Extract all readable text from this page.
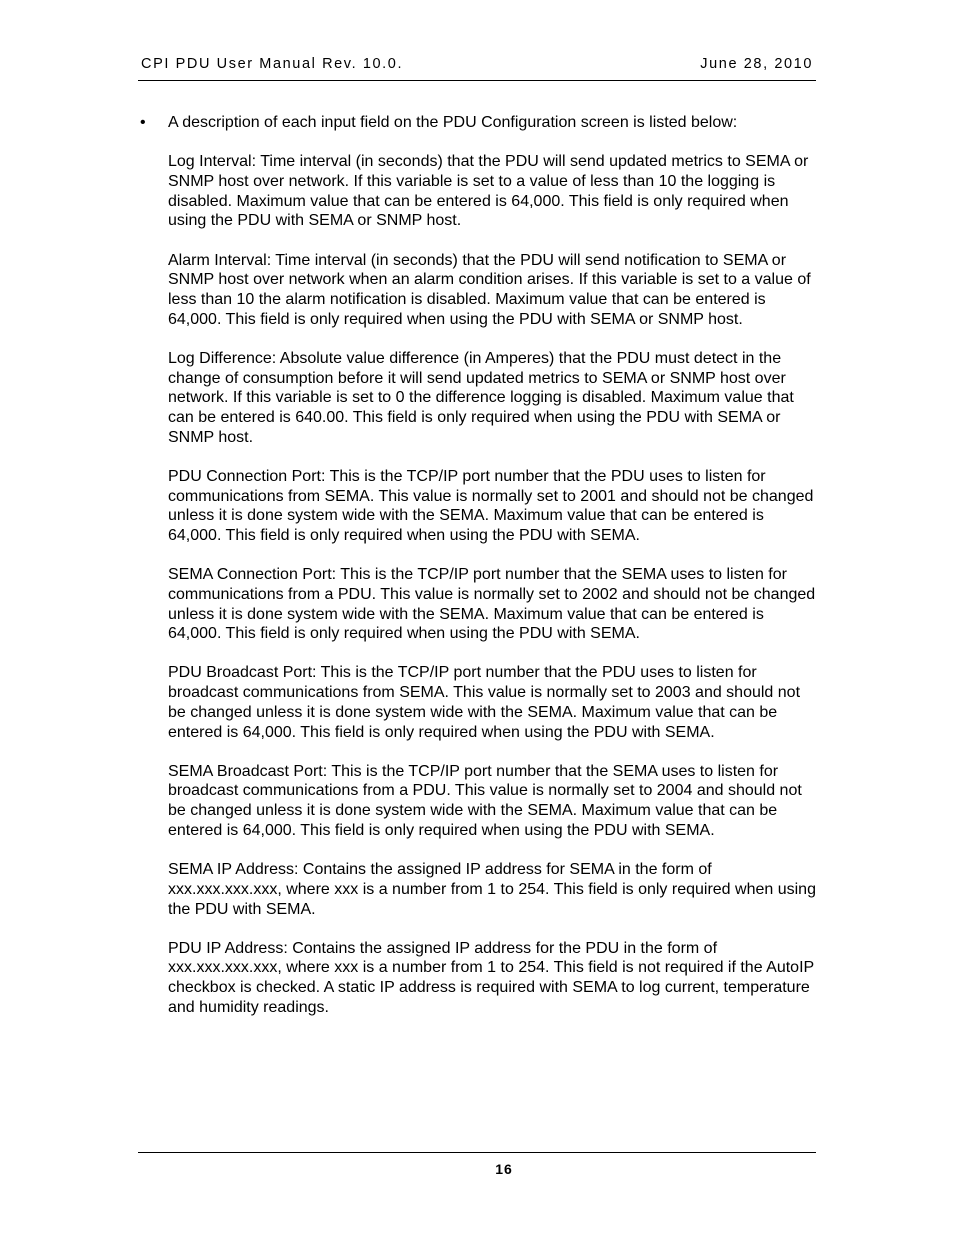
CPI PDU User Manual Rev. 10.0.	June 28, 2010
• A description of each input field on the PDU Configuration screen is listed below:

Log Interval: Time interval (in seconds) that the PDU will send updated metrics to SEMA or SNMP host over network. If this variable is set to a value of less than 10 the logging is disabled. Maximum value that can be entered is 64,000. This field is only required when using the PDU with SEMA or SNMP host.

Alarm Interval: Time interval (in seconds) that the PDU will send notification to SEMA or SNMP host over network when an alarm condition arises. If this variable is set to a value of less than 10 the alarm notification is disabled. Maximum value that can be entered is 64,000. This field is only required when using the PDU with SEMA or SNMP host.

Log Difference: Absolute value difference (in Amperes) that the PDU must detect in the change of consumption before it will send updated metrics to SEMA or SNMP host over network. If this variable is set to 0 the difference logging is disabled. Maximum value that can be entered is 640.00. This field is only required when using the PDU with SEMA or SNMP host.

PDU Connection Port: This is the TCP/IP port number that the PDU uses to listen for communications from SEMA. This value is normally set to 2001 and should not be changed unless it is done system wide with the SEMA. Maximum value that can be entered is 64,000. This field is only required when using the PDU with SEMA.

SEMA Connection Port: This is the TCP/IP port number that the SEMA uses to listen for communications from a PDU. This value is normally set to 2002 and should not be changed unless it is done system wide with the SEMA. Maximum value that can be entered is 64,000. This field is only required when using the PDU with SEMA.

PDU Broadcast Port: This is the TCP/IP port number that the PDU uses to listen for broadcast communications from SEMA. This value is normally set to 2003 and should not be changed unless it is done system wide with the SEMA. Maximum value that can be entered is 64,000. This field is only required when using the PDU with SEMA.

SEMA Broadcast Port: This is the TCP/IP port number that the SEMA uses to listen for broadcast communications from a PDU. This value is normally set to 2004 and should not be changed unless it is done system wide with the SEMA. Maximum value that can be entered is 64,000. This field is only required when using the PDU with SEMA.

SEMA IP Address: Contains the assigned IP address for SEMA in the form of xxx.xxx.xxx.xxx, where xxx is a number from 1 to 254. This field is only required when using the PDU with SEMA.

PDU IP Address: Contains the assigned IP address for the PDU in the form of xxx.xxx.xxx.xxx, where xxx is a number from 1 to 254. This field is not required if the AutoIP checkbox is checked. A static IP address is required with SEMA to log current, temperature and humidity readings.

16
